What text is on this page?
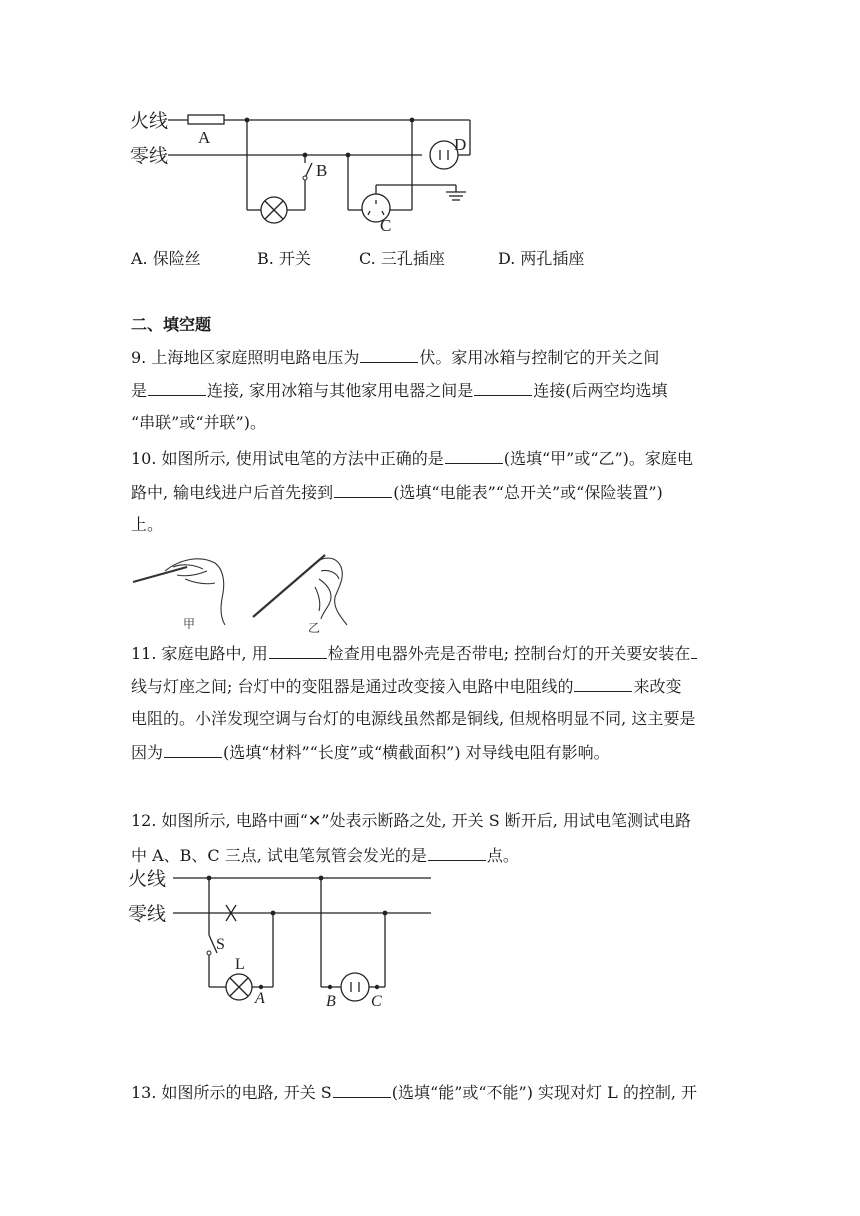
火线
零线
A
B
C
D
A. 保险丝	B. 开关	C. 三孔插座	D. 两孔插座
二、填空题
9. 上海地区家庭照明电路电压为	伏。家用冰箱与控制它的开关之间
是	连接, 家用冰箱与其他家用电器之间是	连接(后两空均选填
“串联”或“并联”)。
10. 如图所示, 使用试电笔的方法中正确的是	(选填“甲”或“乙”)。家庭电
路中, 输电线进户后首先接到	(选填“电能表”“总开关”或“保险装置”)
上。
甲	乙
11. 家庭电路中, 用	检查用电器外壳是否带电; 控制台灯的开关要安装在
线与灯座之间; 台灯中的变阻器是通过改变接入电路中电阻线的	来改变
电阻的。小洋发现空调与台灯的电源线虽然都是铜线, 但规格明显不同, 这主要是
因为	(选填“材料”“长度”或“横截面积”) 对导线电阻有影响。
12. 如图所示, 电路中画“✕”处表示断路之处, 开关 S 断开后, 用试电笔测试电路
中 A、B、C 三点, 试电笔氖管会发光的是	点。
火线
零线
S
L
A	B C
13. 如图所示的电路, 开关 S	(选填“能”或“不能”) 实现对灯 L 的控制, 开
